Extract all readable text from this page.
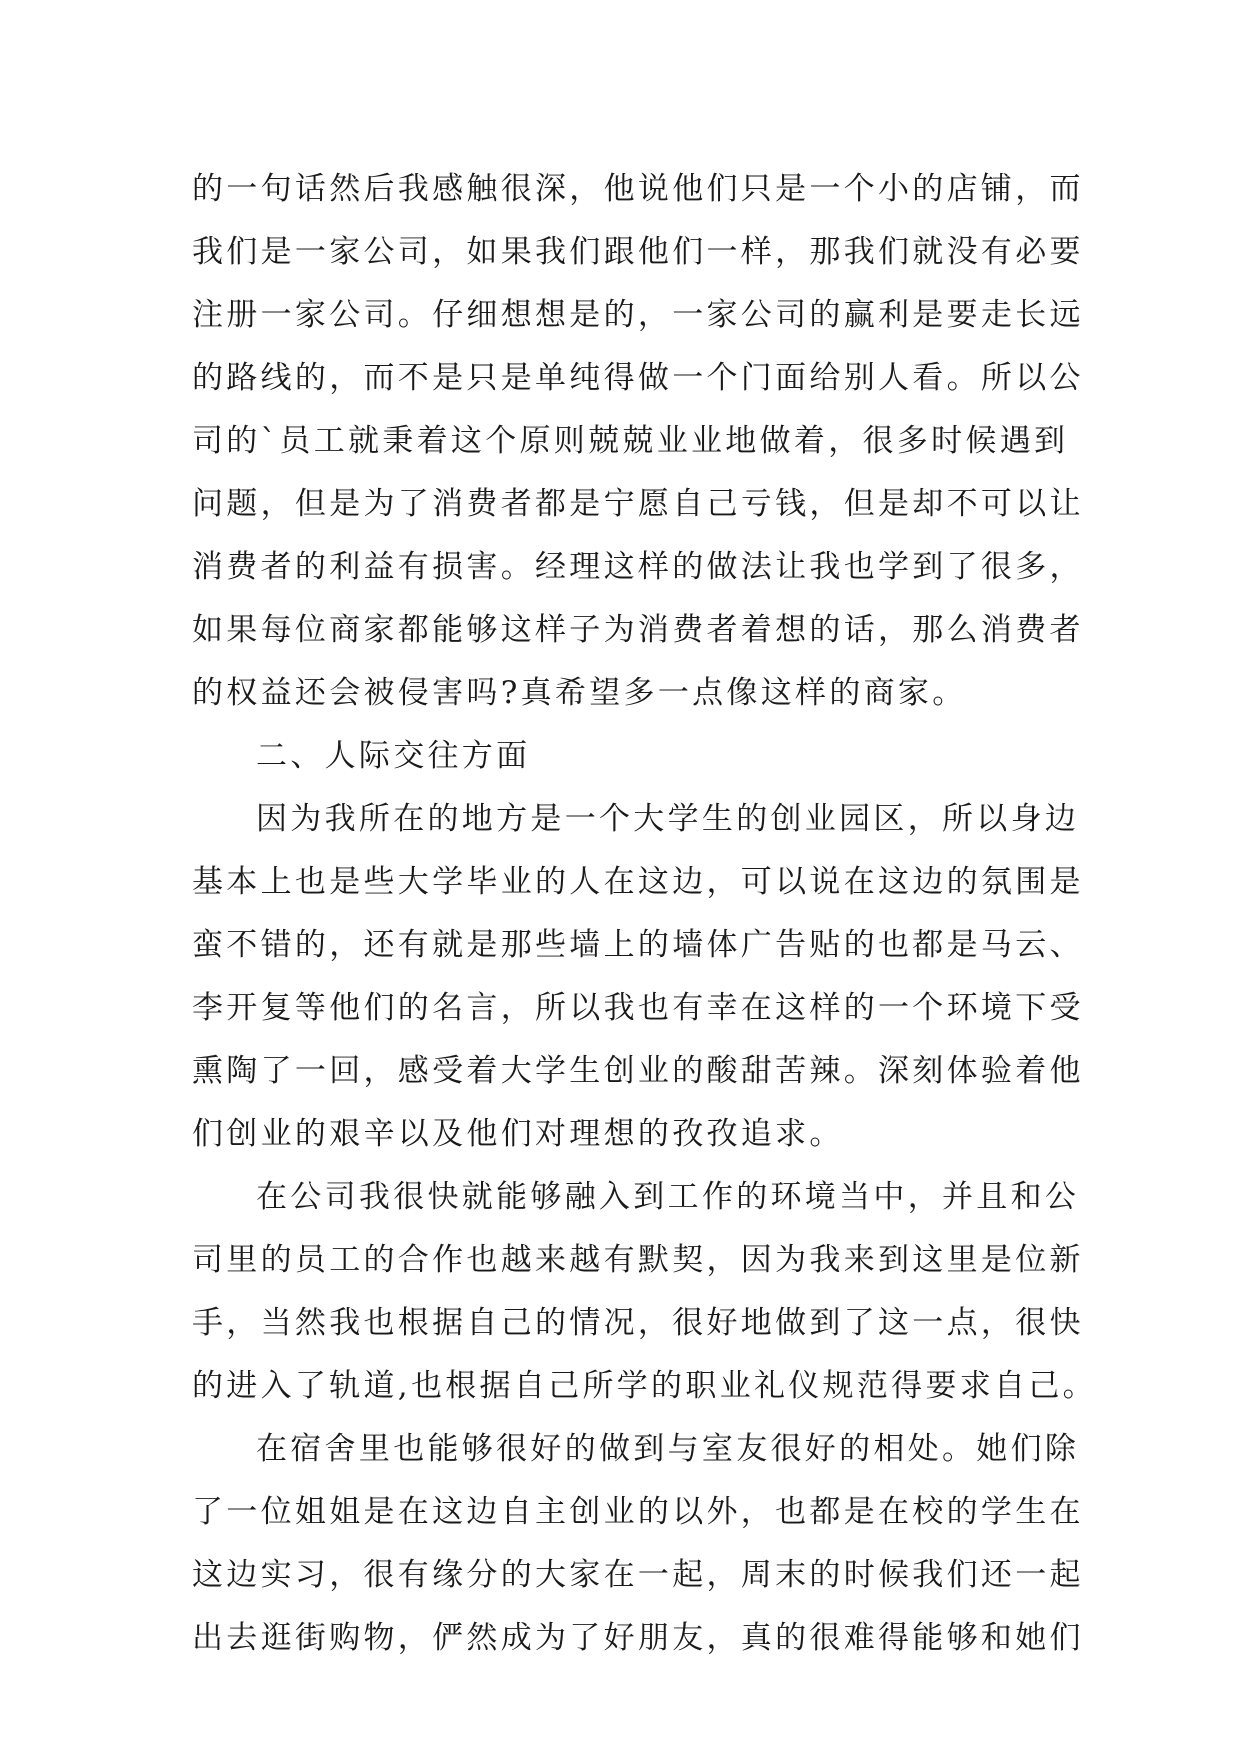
的一句话然后我感触很深，他说他们只是一个小的店铺，而
我们是一家公司，如果我们跟他们一样，那我们就没有必要
注册一家公司。仔细想想是的，一家公司的赢利是要走长远
的路线的，而不是只是单纯得做一个门面给别人看。所以公
司的`员工就秉着这个原则兢兢业业地做着，很多时候遇到
问题，但是为了消费者都是宁愿自己亏钱，但是却不可以让
消费者的利益有损害。经理这样的做法让我也学到了很多，
如果每位商家都能够这样子为消费者着想的话，那么消费者
的权益还会被侵害吗?真希望多一点像这样的商家。
二、人际交往方面
因为我所在的地方是一个大学生的创业园区，所以身边
基本上也是些大学毕业的人在这边，可以说在这边的氛围是
蛮不错的，还有就是那些墙上的墙体广告贴的也都是马云、
李开复等他们的名言，所以我也有幸在这样的一个环境下受
熏陶了一回，感受着大学生创业的酸甜苦辣。深刻体验着他
们创业的艰辛以及他们对理想的孜孜追求。
在公司我很快就能够融入到工作的环境当中，并且和公
司里的员工的合作也越来越有默契，因为我来到这里是位新
手，当然我也根据自己的情况，很好地做到了这一点，很快
的进入了轨道,也根据自己所学的职业礼仪规范得要求自己。
在宿舍里也能够很好的做到与室友很好的相处。她们除
了一位姐姐是在这边自主创业的以外，也都是在校的学生在
这边实习，很有缘分的大家在一起，周末的时候我们还一起
出去逛街购物，俨然成为了好朋友，真的很难得能够和她们
